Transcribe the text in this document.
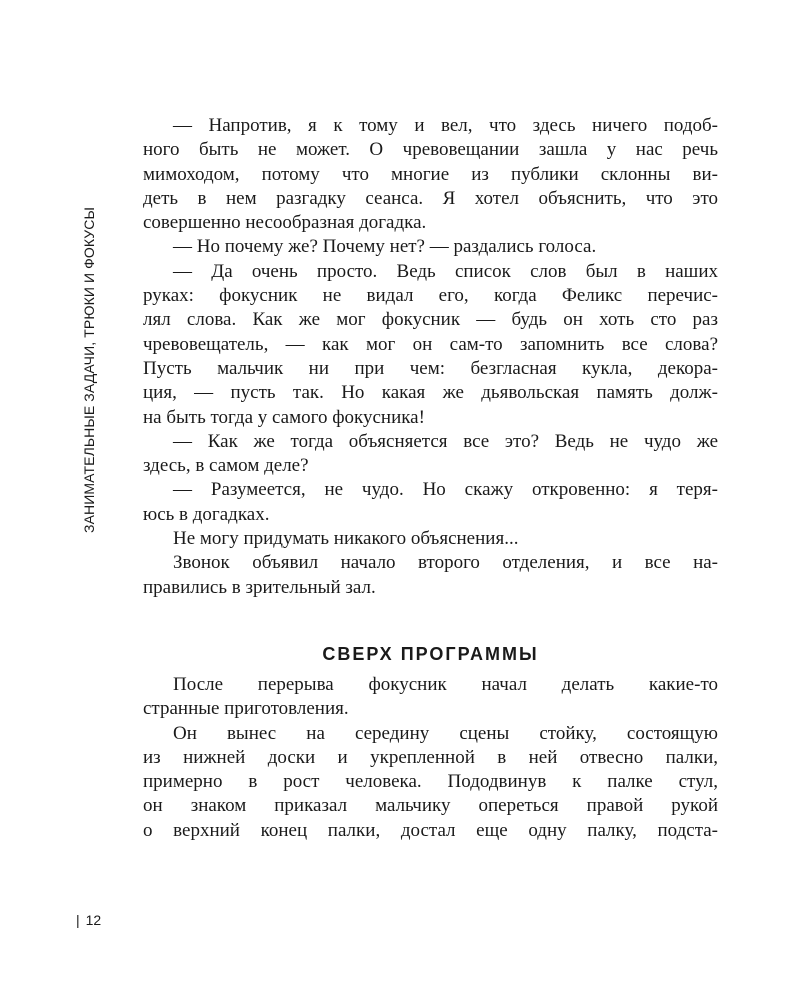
ЗАНИМАТЕЛЬНЫЕ ЗАДАЧИ, ТРЮКИ И ФОКУСЫ
— Напротив, я к тому и вел, что здесь ничего подоб-
ного быть не может. О чревовещании зашла у нас речь
мимоходом, потому что многие из публики склонны ви-
деть в нем разгадку сеанса. Я хотел объяснить, что это
совершенно несообразная догадка.
— Но почему же? Почему нет? — раздались голоса.
— Да очень просто. Ведь список слов был в наших
руках: фокусник не видал его, когда Феликс перечис-
лял слова. Как же мог фокусник — будь он хоть сто раз
чревовещатель, — как мог он сам-то запомнить все слова?
Пусть мальчик ни при чем: безгласная кукла, декора-
ция, — пусть так. Но какая же дьявольская память долж-
на быть тогда у самого фокусника!
— Как же тогда объясняется все это? Ведь не чудо же
здесь, в самом деле?
— Разумеется, не чудо. Но скажу откровенно: я теря-
юсь в догадках.
Не могу придумать никакого объяснения...
Звонок объявил начало второго отделения, и все на-
правились в зрительный зал.
СВЕРХ ПРОГРАММЫ
После перерыва фокусник начал делать какие-то
странные приготовления.
Он вынес на середину сцены стойку, состоящую
из нижней доски и укрепленной в ней отвесно палки,
примерно в рост человека. Пододвинув к палке стул,
он знаком приказал мальчику опереться правой рукой
о верхний конец палки, достал еще одну палку, подста-
| 12
